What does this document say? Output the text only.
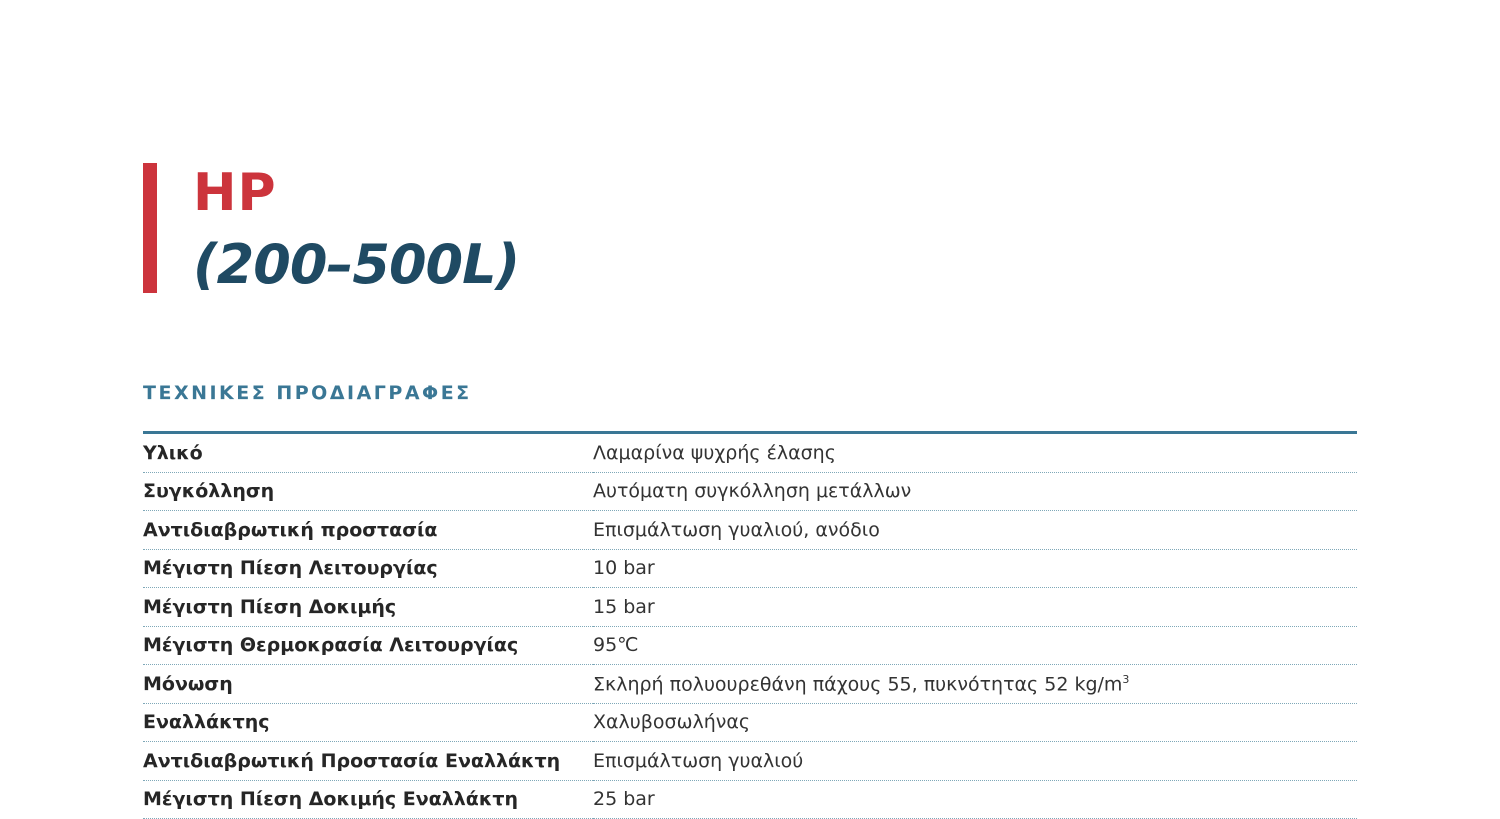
HP
(200–500L)
ΤΕΧΝΙΚΕΣ ΠΡΟΔΙΑΓΡΑΦΕΣ
Υλικό	Λαμαρίνα ψυχρής έλασης
Συγκόλληση	Αυτόματη συγκόλληση μετάλλων
Αντιδιαβρωτική προστασία	Επισμάλτωση γυαλιού, ανόδιο
Μέγιστη Πίεση Λειτουργίας	10 bar
Μέγιστη Πίεση Δοκιμής	15 bar
Μέγιστη Θερμοκρασία Λειτουργίας	95℃
Μόνωση	Σκληρή πολυουρεθάνη πάχους 55, πυκνότητας 52 $kg/m^3$
Εναλλάκτης	Χαλυβοσωλήνας
Αντιδιαβρωτική Προστασία Εναλλάκτη	Επισμάλτωση γυαλιού
Μέγιστη Πίεση Δοκιμής Εναλλάκτη	25 bar
